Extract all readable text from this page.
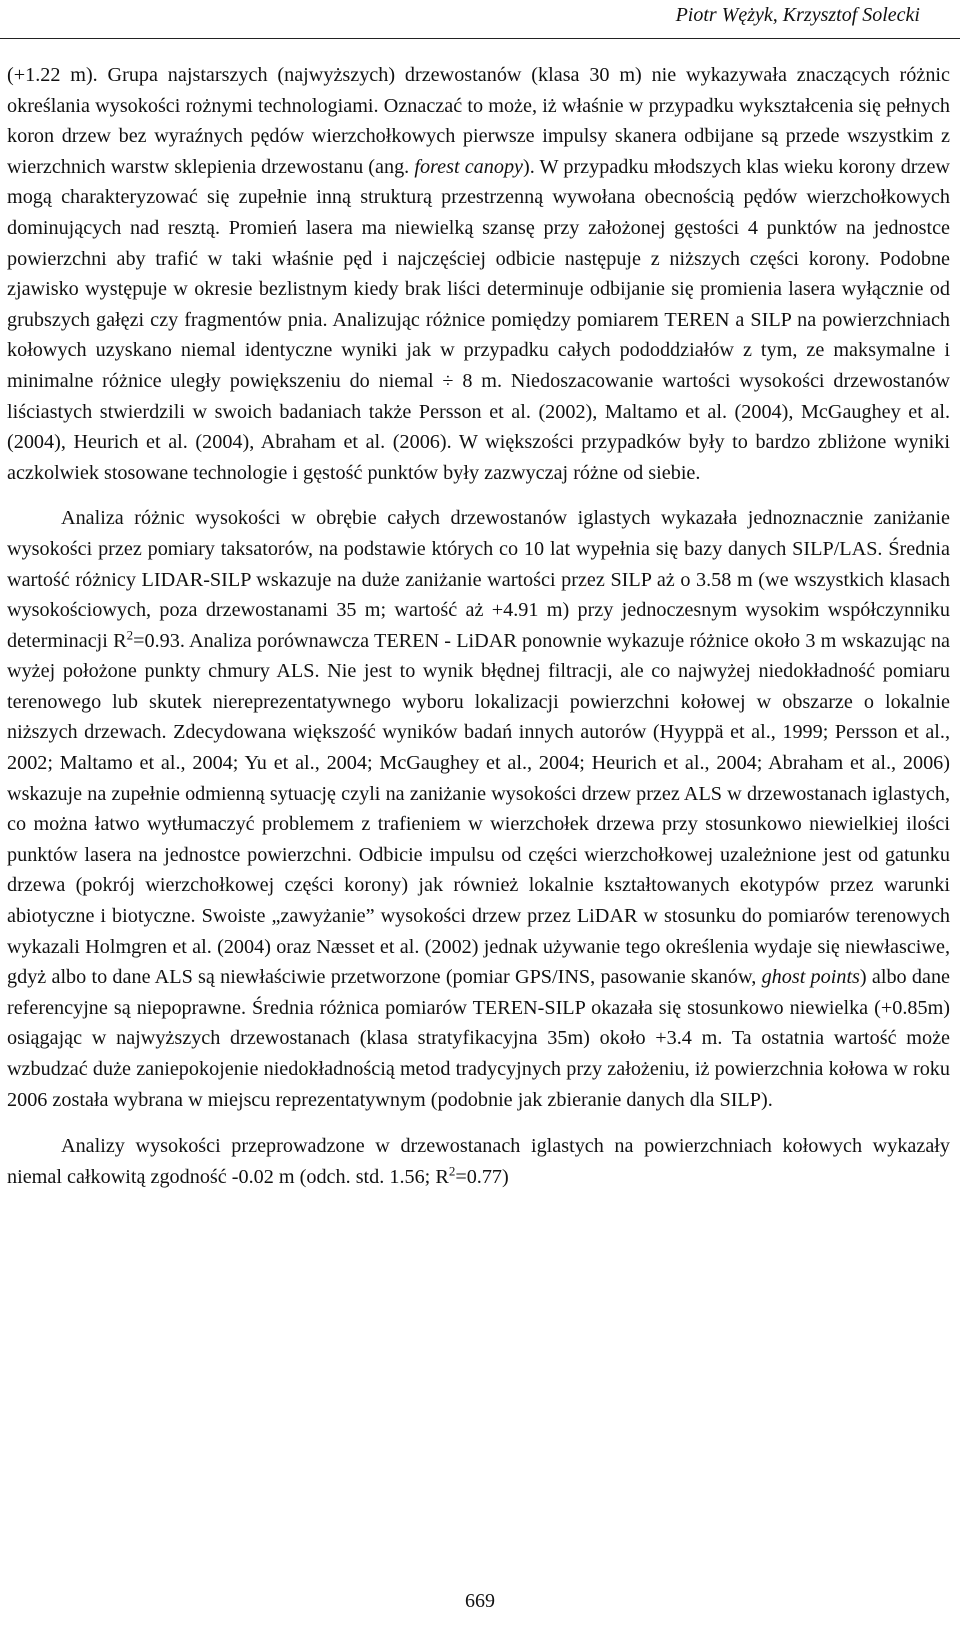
Piotr Wężyk, Krzysztof Solecki

(+1.22 m). Grupa najstarszych (najwyższych) drzewostanów (klasa 30 m) nie wykazywała znaczących różnic określania wysokości rożnymi technologiami. Oznaczać to może, iż właśnie w przypadku wykształcenia się pełnych koron drzew bez wyraźnych pędów wierzchołkowych pierwsze impulsy skanera odbijane są przede wszystkim z wierzchnich warstw sklepienia drzewostanu (ang. forest canopy). W przypadku młodszych klas wieku korony drzew mogą charakteryzować się zupełnie inną strukturą przestrzenną wywołana obecnością pędów wierzchołkowych dominujących nad resztą. Promień lasera ma niewielką szansę przy założonej gęstości 4 punktów na jednostce powierzchni aby trafić w taki właśnie pęd i najczęściej odbicie następuje z niższych części korony. Podobne zjawisko występuje w okresie bezlistnym kiedy brak liści determinuje odbijanie się promienia lasera wyłącznie od grubszych gałęzi czy fragmentów pnia. Analizując różnice pomiędzy pomiarem TEREN a SILP na powierzchniach kołowych uzyskano niemal identyczne wyniki jak w przypadku całych pododdziałów z tym, ze maksymalne i minimalne różnice uległy powiększeniu do niemal ÷ 8 m. Niedoszacowanie wartości wysokości drzewostanów liściastych stwierdzili w swoich badaniach także Persson et al. (2002), Maltamo et al. (2004), McGaughey et al. (2004), Heurich et al. (2004), Abraham et al. (2006). W większości przypadków były to bardzo zbliżone wyniki aczkolwiek stosowane technologie i gęstość punktów były zazwyczaj różne od siebie.

Analiza różnic wysokości w obrębie całych drzewostanów iglastych wykazała jednoznacznie zaniżanie wysokości przez pomiary taksatorów, na podstawie których co 10 lat wypełnia się bazy danych SILP/LAS. Średnia wartość różnicy LIDAR-SILP wskazuje na duże zaniżanie wartości przez SILP aż o 3.58 m (we wszystkich klasach wysokościowych, poza drzewostanami 35 m; wartość aż +4.91 m) przy jednoczesnym wysokim współczynniku determinacji $R^2=0.93$. Analiza porównawcza TEREN - LiDAR ponownie wykazuje różnice około 3 m wskazując na wyżej położone punkty chmury ALS. Nie jest to wynik błędnej filtracji, ale co najwyżej niedokładność pomiaru terenowego lub skutek niereprezentatywnego wyboru lokalizacji powierzchni kołowej w obszarze o lokalnie niższych drzewach. Zdecydowana większość wyników badań innych autorów (Hyyppä et al., 1999; Persson et al., 2002; Maltamo et al., 2004; Yu et al., 2004; McGaughey et al., 2004; Heurich et al., 2004; Abraham et al., 2006) wskazuje na zupełnie odmienną sytuację czyli na zaniżanie wysokości drzew przez ALS w drzewostanach iglastych, co można łatwo wytłumaczyć problemem z trafieniem w wierzchołek drzewa przy stosunkowo niewielkiej ilości punktów lasera na jednostce powierzchni. Odbicie impulsu od części wierzchołkowej uzależnione jest od gatunku drzewa (pokrój wierzchołkowej części korony) jak również lokalnie kształtowanych ekotypów przez warunki abiotyczne i biotyczne. Swoiste „zawyżanie” wysokości drzew przez LiDAR w stosunku do pomiarów terenowych wykazali Holmgren et al. (2004) oraz Næsset et al. (2002) jednak używanie tego określenia wydaje się niewłasciwe, gdyż albo to dane ALS są niewłaściwie przetworzone (pomiar GPS/INS, pasowanie skanów, ghost points) albo dane referencyjne są niepoprawne. Średnia różnica pomiarów TEREN-SILP okazała się stosunkowo niewielka (+0.85m) osiągając w najwyższych drzewostanach (klasa stratyfikacyjna 35m) około +3.4 m. Ta ostatnia wartość może wzbudzać duże zaniepokojenie niedokładnością metod tradycyjnych przy założeniu, iż powierzchnia kołowa w roku 2006 została wybrana w miejscu reprezentatywnym (podobnie jak zbieranie danych dla SILP).

Analizy wysokości przeprowadzone w drzewostanach iglastych na powierzchniach kołowych wykazały niemal całkowitą zgodność -0.02 m (odch. std. 1.56; $R^2=0.77$)

669
